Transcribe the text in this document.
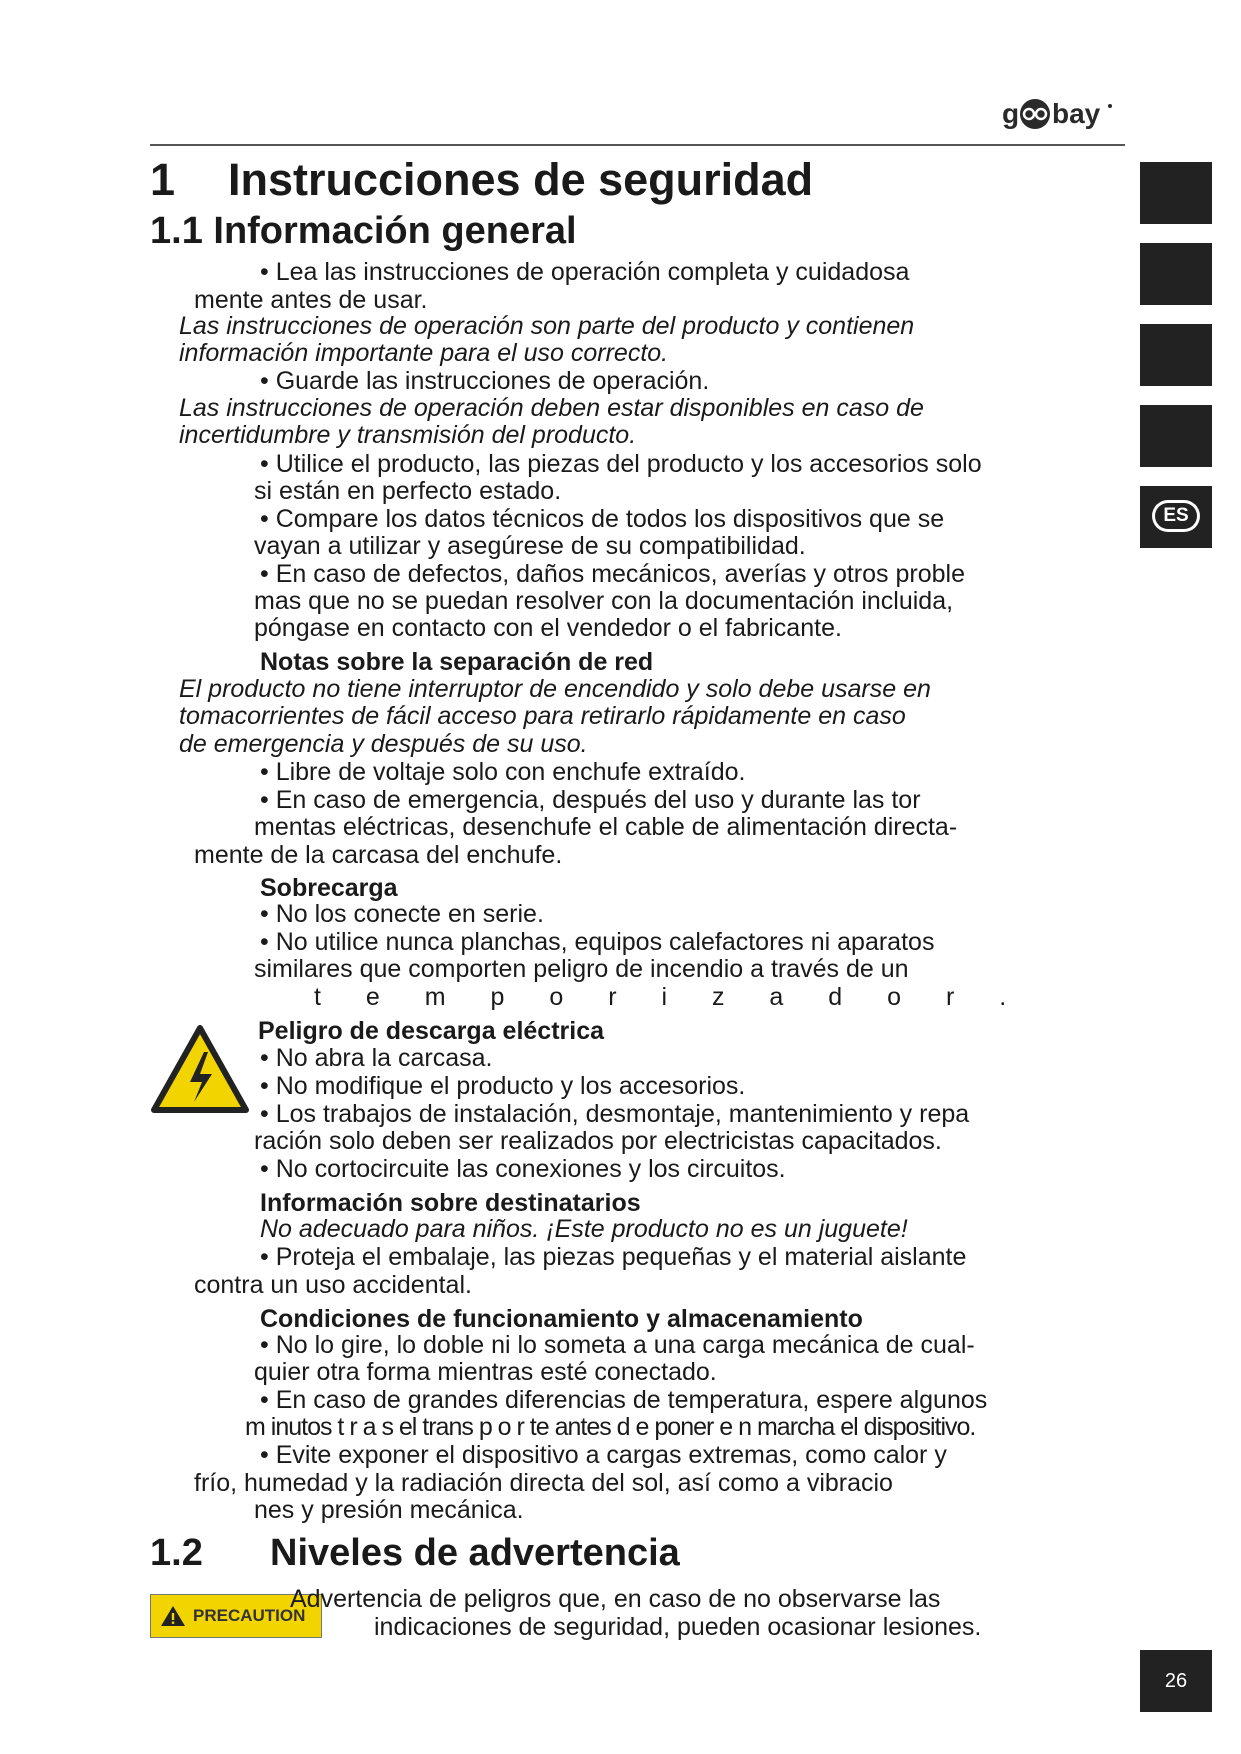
g bay
ES
1 Instrucciones de seguridad
1.1 Información general
• Lea las instrucciones de operación completa y cuidadosa
mente antes de usar.
Las instrucciones de operación son parte del producto y contienen
información importante para el uso correcto.
• Guarde las instrucciones de operación.
Las instrucciones de operación deben estar disponibles en caso de
incertidumbre y transmisión del producto.
• Utilice el producto, las piezas del producto y los accesorios solo
si están en perfecto estado.
• Compare los datos técnicos de todos los dispositivos que se
vayan a utilizar y asegúrese de su compatibilidad.
• En caso de defectos, daños mecánicos, averías y otros proble
mas que no se puedan resolver con la documentación incluida,
póngase en contacto con el vendedor o el fabricante.
Notas sobre la separación de red
El producto no tiene interruptor de encendido y solo debe usarse en
tomacorrientes de fácil acceso para retirarlo rápidamente en caso
de emergencia y después de su uso.
• Libre de voltaje solo con enchufe extraído.
• En caso de emergencia, después del uso y durante las tor
mentas eléctricas, desenchufe el cable de alimentación directa-
mente de la carcasa del enchufe.
Sobrecarga
• No los conecte en serie.
• No utilice nunca planchas, equipos calefactores ni aparatos
similares que comporten peligro de incendio a través de un
t e m p o r i z a d o r .
Peligro de descarga eléctrica
• No abra la carcasa.
• No modifique el producto y los accesorios.
• Los trabajos de instalación, desmontaje, mantenimiento y repa
ración solo deben ser realizados por electricistas capacitados.
• No cortocircuite las conexiones y los circuitos.
Información sobre destinatarios
No adecuado para niños. ¡Este producto no es un juguete!
• Proteja el embalaje, las piezas pequeñas y el material aislante
contra un uso accidental.
Condiciones de funcionamiento y almacenamiento
• No lo gire, lo doble ni lo someta a una carga mecánica de cual-
quier otra forma mientras esté conectado.
• En caso de grandes diferencias de temperatura, espere algunos
m inutos t r a s el trans p o r te antes d e poner e n marcha el dispositivo.
• Evite exponer el dispositivo a cargas extremas, como calor y
frío, humedad y la radiación directa del sol, así como a vibracio
nes y presión mecánica.
1.2 Niveles de advertencia
PRECAUTION
Advertencia de peligros que, en caso de no observarse las
indicaciones de seguridad, pueden ocasionar lesiones.
26
